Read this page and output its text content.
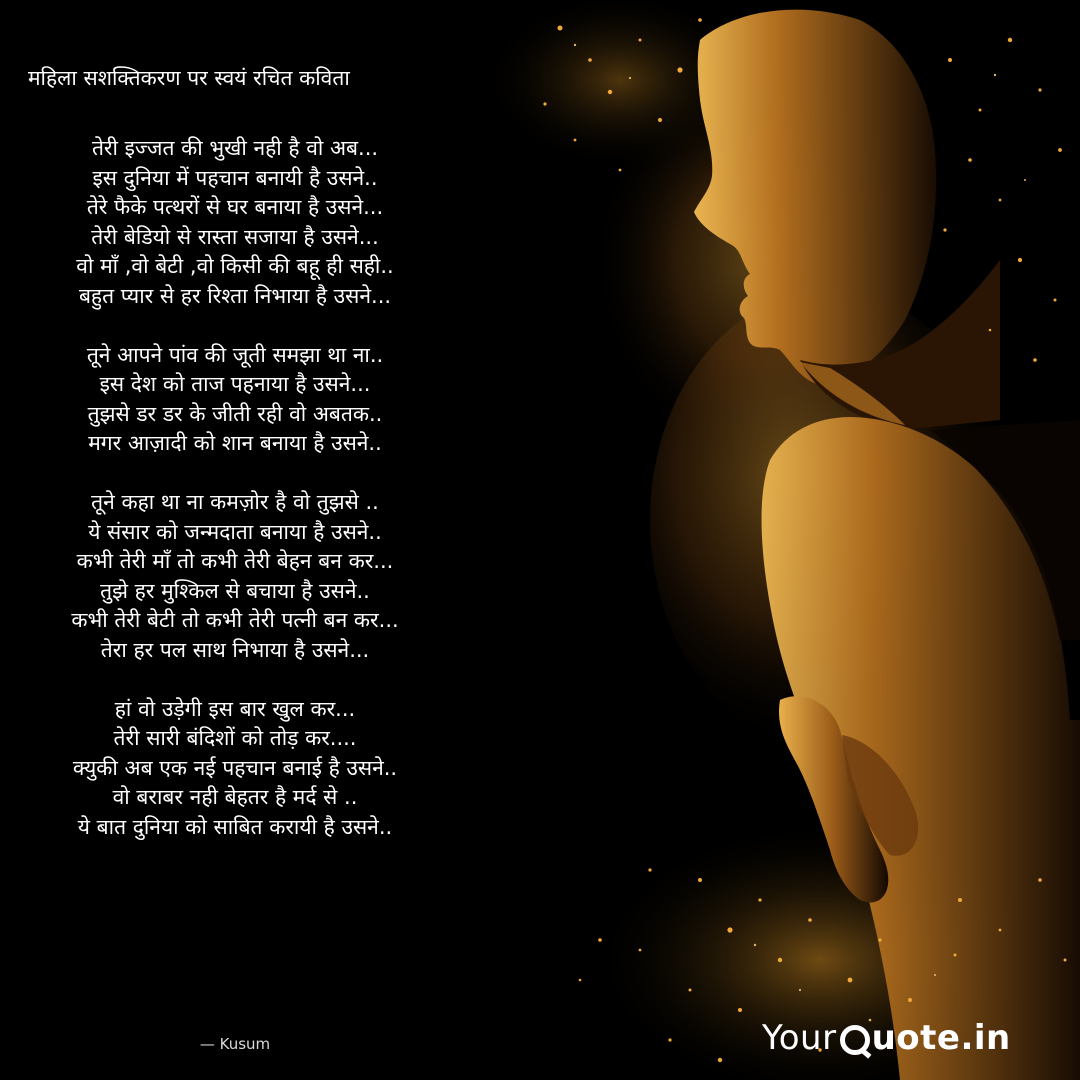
महिला सशक्तिकरण पर स्वयं रचित कविता
तेरी इज्जत की भुखी नही है वो अब...
इस दुनिया में पहचान बनायी है उसने..
तेरे फैके पत्थरों से घर बनाया है उसने...
तेरी बेडियो से रास्ता सजाया है उसने...
वो माँ ,वो बेटी ,वो किसी की बहू ही सही..
बहुत प्यार से हर रिश्ता निभाया है उसने...
तूने आपने पांव की जूती समझा था ना..
इस देश को ताज पहनाया है उसने...
तुझसे डर डर के जीती रही वो अबतक..
मगर आज़ादी को शान बनाया है उसने..
तूने कहा था ना कमज़ोर है वो तुझसे ..
ये संसार को जन्मदाता बनाया है उसने..
कभी तेरी माँ तो कभी तेरी बेहन बन कर...
तुझे हर मुश्किल से बचाया है उसने..
कभी तेरी बेटी तो कभी तेरी पत्नी बन कर...
तेरा हर पल साथ निभाया है उसने...
हां वो उड़ेगी इस बार खुल कर...
तेरी सारी बंदिशों को तोड़ कर....
क्युकी अब एक नई पहचान बनाई है उसने..
वो बराबर नही बेहतर है मर्द से ..
ये बात दुनिया को साबित करायी है उसने..
— Kusum	Your uote.in
